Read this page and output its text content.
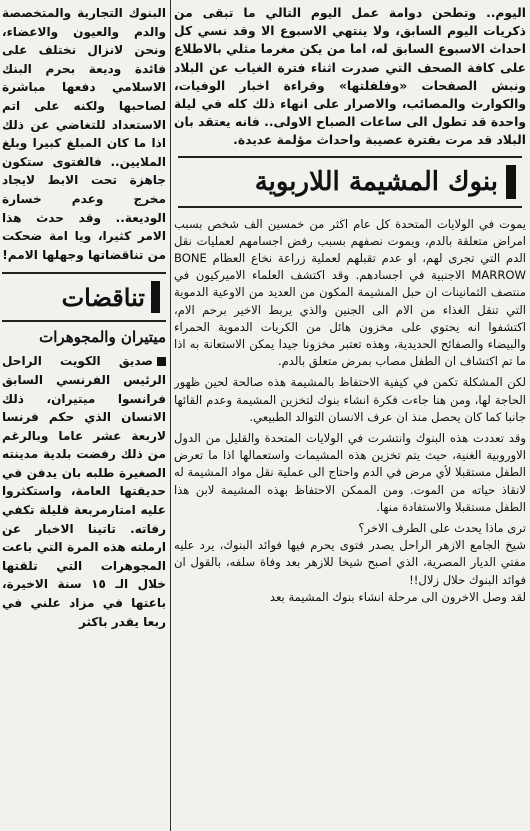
اليوم.. وتطحن دوامة عمل اليوم التالي ما تبقى من ذكريات اليوم السابق، ولا ينتهي الاسبوع الا وقد نسي كل احداث الاسبوع السابق له، اما من يكن مغرما مثلي بالاطلاع على كافة الصحف التي صدرت اثناء فترة الغياب عن البلاد ونبش الصفحات «وفلفلتها» وقراءة اخبار الوفيات، والكوارث والمصائب، والاصرار على انهاء ذلك كله في ليلة واحدة قد تطول الى ساعات الصباح الاولى.. فانه يعتقد بان البلاد قد مرت بفترة عصيبة واحداث مؤلمة عديدة.

بنوك المشيمة اللاربوية

يموت في الولايات المتحدة كل عام اكثر من خمسين الف شخص بسبب امراض متعلقة بالدم، ويموت نصفهم بسبب رفض اجسامهم لعمليات نقل الدم التي تجرى لهم، او عدم تقبلهم لعملية زراعة نخاع العظام BONE MARROW الاجنبية في اجسادهم. وقد اكتشف العلماء الاميركيون في منتصف الثمانينات ان حبل المشيمة المكون من العديد من الاوعية الدموية التي تنقل الغذاء من الام الى الجنين والذي يربط الاخير برحم الام، اكتشفوا انه يحتوي على مخزون هائل من الكريات الدموية الحمراء والبيضاء والصفائح الحديدية، وهذه تعتبر مخزونا جيدا يمكن الاستعانة به اذا ما تم اكتشاف ان الطفل مصاب بمرض متعلق بالدم.

لكن المشكلة تكمن في كيفية الاحتفاظ بالمشيمة هذه صالحة لحين ظهور الحاجة لها، ومن هنا جاءت فكرة انشاء بنوك لتخزين المشيمة وعدم القائها جانبا كما كان يحصل منذ ان عرف الانسان التوالد الطبيعي.

وقد تعددت هذه البنوك وانتشرت في الولايات المتحدة والقليل من الدول الاوروبية الغنية، حيث يتم تخزين هذه المشيمات واستعمالها اذا ما تعرض الطفل مستقبلا لأي مرض في الدم واحتاج الى عملية نقل مواد المشيمة له لانقاذ حياته من الموت. ومن الممكن الاحتفاظ بهذه المشيمة لابن هذا الطفل مستقبلا والاستفادة منها.

ترى ماذا يحدث على الطرف الاخر؟

شيخ الجامع الازهر الراحل يصدر فتوى يحرم فيها فوائد البنوك، يرد عليه مفتي الديار المصرية، الذي اصبح شيخا للازهر بعد وفاة سلفه، بالقول ان فوائد البنوك حلال زلال!!

لقد وصل الاخرون الى مرحلة انشاء بنوك المشيمة بعد

البنوك التجارية والمتخصصة والدم والعيون والاعضاء، ونحن لانزال نختلف على فائدة وديعة بحرم البنك الاسلامي دفعها مباشرة لصاحبها ولكنه على اتم الاستعداد للتغاضي عن ذلك اذا ما كان المبلغ كبيرا وبلغ الملايين.. فالفتوى ستكون جاهزة تحت الابط لايجاد مخرج وعدم خسارة الوديعة.. وقد حدث هذا الامر كثيرا، ويا امة ضحكت من تناقضاتها وجهلها الامم!

تناقضات
ميتيران والمجوهرات

صديق الكويت الراحل الرئيس الفرنسي السابق فرانسوا ميتيران، ذلك الانسان الذي حكم فرنسا لاربعة عشر عاما وبالرغم من ذلك رفضت بلدية مدينته الصغيرة طلبه بان يدفن في حديقتها العامة، واستكثروا عليه امتارمربعة قليلة تكفي رفاته. تاتينا الاخبار عن ارملته هذه المرة التي باعت المجوهرات التي تلقتها خلال الـ ١٥ سنة الاخيرة، باعتها في مزاد علني في ربعا يقدر باكثر
